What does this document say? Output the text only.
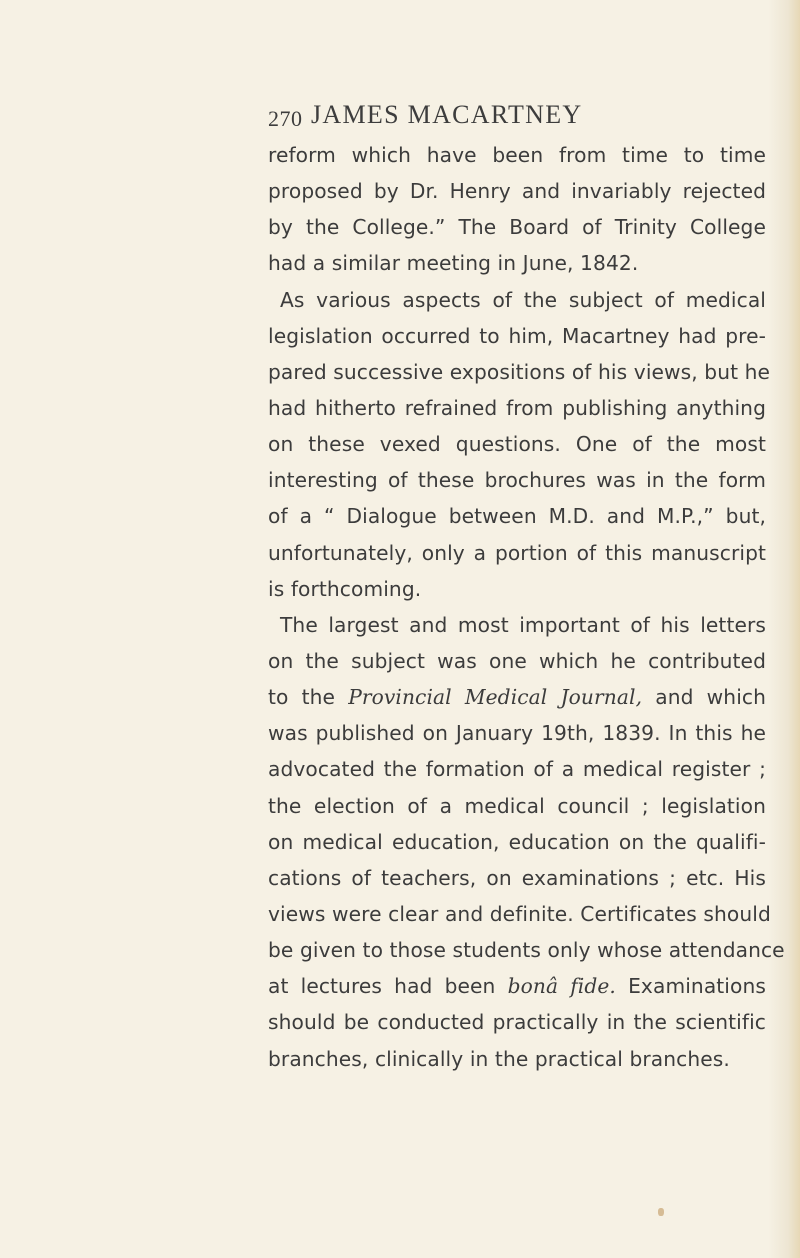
270 JAMES MACARTNEY
reform which have been from time to time
proposed by Dr. Henry and invariably rejected
by the College.” The Board of Trinity College
had a similar meeting in June, 1842.
As various aspects of the subject of medical
legislation occurred to him, Macartney had pre-
pared successive expositions of his views, but he
had hitherto refrained from publishing anything
on these vexed questions. One of the most
interesting of these brochures was in the form
of a “ Dialogue between M.D. and M.P.,” but,
unfortunately, only a portion of this manuscript
is forthcoming.
The largest and most important of his letters
on the subject was one which he contributed
to the Provincial Medical Journal, and which
was published on January 19th, 1839. In this he
advocated the formation of a medical register ;
the election of a medical council ; legislation
on medical education, education on the qualifi-
cations of teachers, on examinations ; etc. His
views were clear and definite. Certificates should
be given to those students only whose attendance
at lectures had been bonâ fide. Examinations
should be conducted practically in the scientific
branches, clinically in the practical branches.
